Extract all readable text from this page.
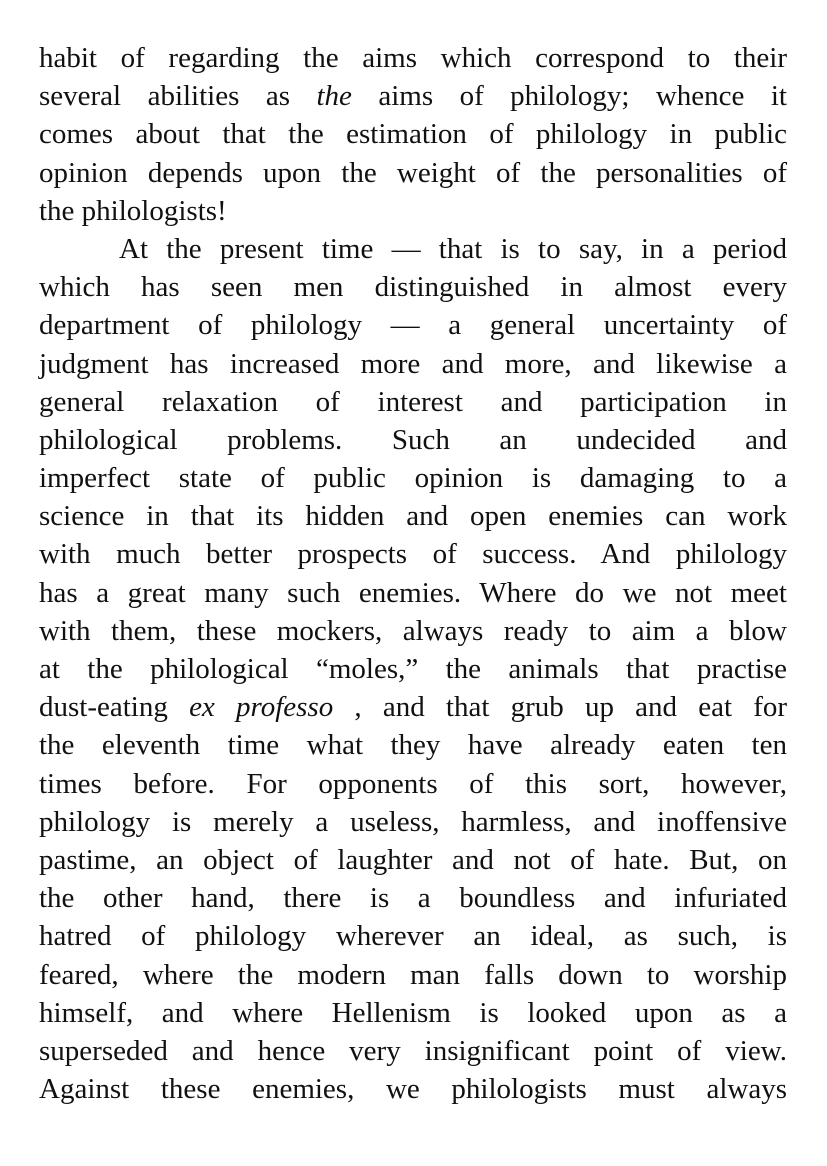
habit of regarding the aims which correspond to their
several abilities as the aims of philology; whence it
comes about that the estimation of philology in public
opinion depends upon the weight of the personalities of
the philologists!
At the present time — that is to say, in a period
which has seen men distinguished in almost every
department of philology — a general uncertainty of
judgment has increased more and more, and likewise a
general relaxation of interest and participation in
philological problems. Such an undecided and
imperfect state of public opinion is damaging to a
science in that its hidden and open enemies can work
with much better prospects of success. And philology
has a great many such enemies. Where do we not meet
with them, these mockers, always ready to aim a blow
at the philological “moles,” the animals that practise
dust-eating ex professo , and that grub up and eat for
the eleventh time what they have already eaten ten
times before. For opponents of this sort, however,
philology is merely a useless, harmless, and inoffensive
pastime, an object of laughter and not of hate. But, on
the other hand, there is a boundless and infuriated
hatred of philology wherever an ideal, as such, is
feared, where the modern man falls down to worship
himself, and where Hellenism is looked upon as a
superseded and hence very insignificant point of view.
Against these enemies, we philologists must always
